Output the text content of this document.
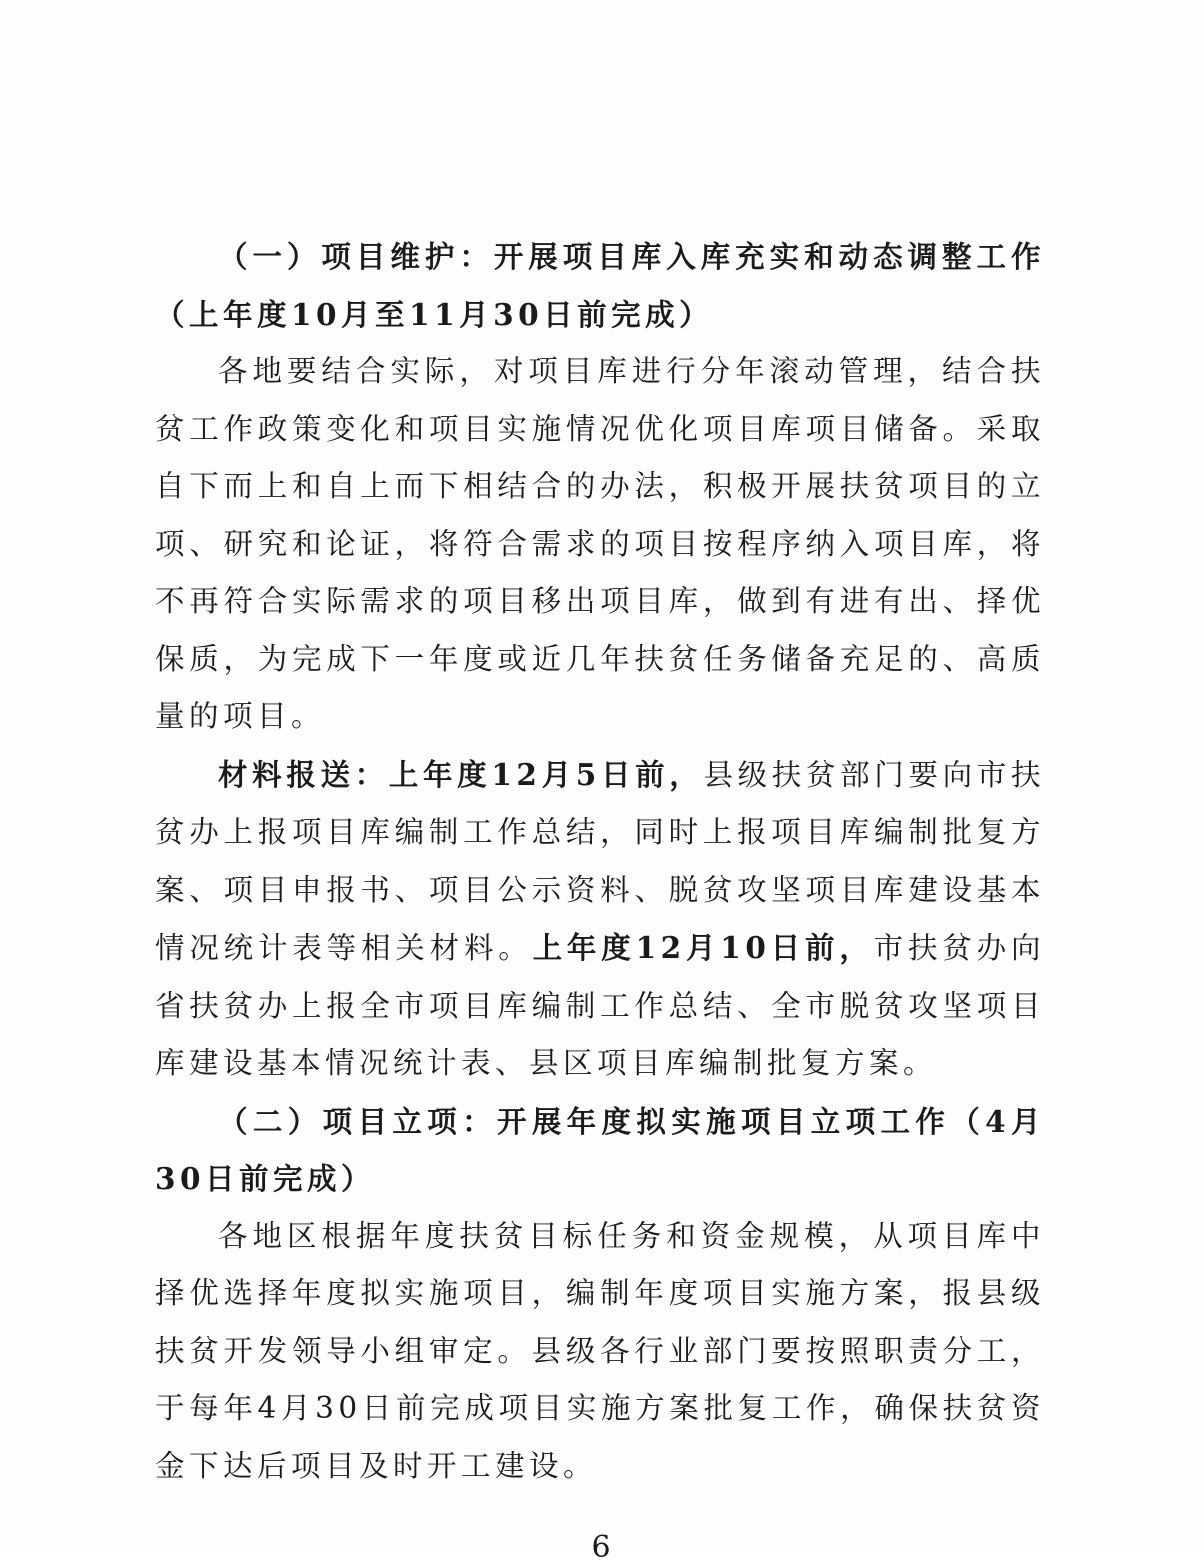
（一）项目维护：开展项目库入库充实和动态调整工作（上年度10月至11月30日前完成）

各地要结合实际，对项目库进行分年滚动管理，结合扶贫工作政策变化和项目实施情况优化项目库项目储备。采取自下而上和自上而下相结合的办法，积极开展扶贫项目的立项、研究和论证，将符合需求的项目按程序纳入项目库，将不再符合实际需求的项目移出项目库，做到有进有出、择优保质，为完成下一年度或近几年扶贫任务储备充足的、高质量的项目。

材料报送：上年度12月5日前，县级扶贫部门要向市扶贫办上报项目库编制工作总结，同时上报项目库编制批复方案、项目申报书、项目公示资料、脱贫攻坚项目库建设基本情况统计表等相关材料。上年度12月10日前，市扶贫办向省扶贫办上报全市项目库编制工作总结、全市脱贫攻坚项目库建设基本情况统计表、县区项目库编制批复方案。

（二）项目立项：开展年度拟实施项目立项工作（4月30日前完成）

各地区根据年度扶贫目标任务和资金规模，从项目库中择优选择年度拟实施项目，编制年度项目实施方案，报县级扶贫开发领导小组审定。县级各行业部门要按照职责分工，于每年4月30日前完成项目实施方案批复工作，确保扶贫资金下达后项目及时开工建设。

6
